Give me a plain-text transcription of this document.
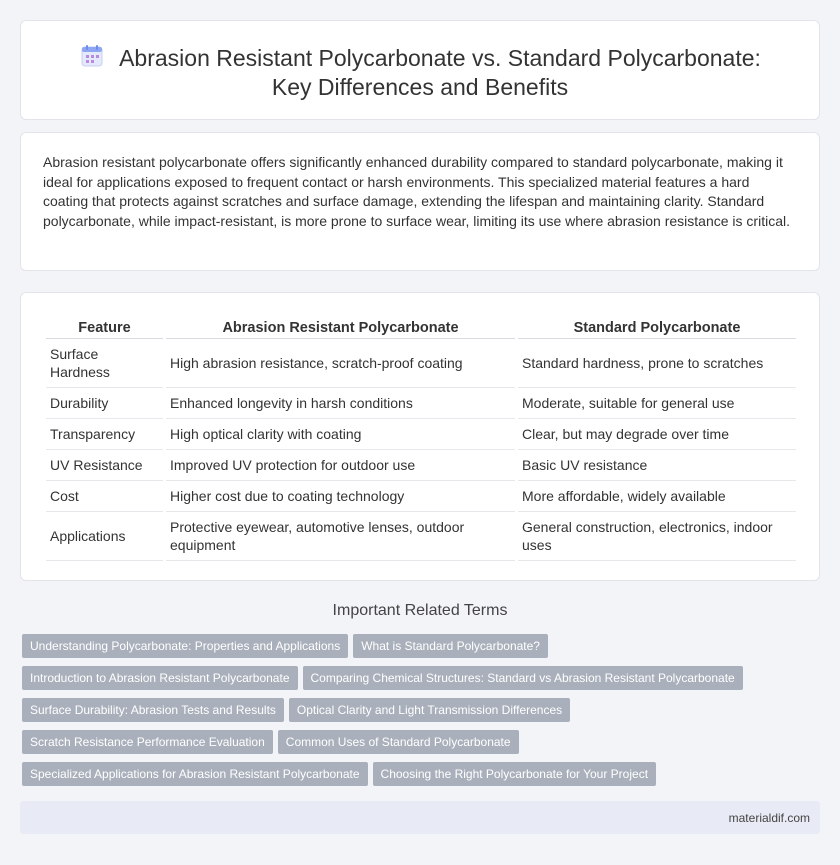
Abrasion Resistant Polycarbonate vs. Standard Polycarbonate:
Key Differences and Benefits

Abrasion resistant polycarbonate offers significantly enhanced durability compared to standard polycarbonate, making it ideal for applications exposed to frequent contact or harsh environments. This specialized material features a hard coating that protects against scratches and surface damage, extending the lifespan and maintaining clarity. Standard polycarbonate, while impact-resistant, is more prone to surface wear, limiting its use where abrasion resistance is critical.

Feature	Abrasion Resistant Polycarbonate	Standard Polycarbonate
Surface Hardness	High abrasion resistance, scratch-proof coating	Standard hardness, prone to scratches
Durability	Enhanced longevity in harsh conditions	Moderate, suitable for general use
Transparency	High optical clarity with coating	Clear, but may degrade over time
UV Resistance	Improved UV protection for outdoor use	Basic UV resistance
Cost	Higher cost due to coating technology	More affordable, widely available
Applications	Protective eyewear, automotive lenses, outdoor equipment	General construction, electronics, indoor uses
Important Related Terms
Understanding Polycarbonate: Properties and Applications What is Standard Polycarbonate?
Introduction to Abrasion Resistant Polycarbonate Comparing Chemical Structures: Standard vs Abrasion Resistant Polycarbonate
Surface Durability: Abrasion Tests and Results Optical Clarity and Light Transmission Differences
Scratch Resistance Performance Evaluation Common Uses of Standard Polycarbonate
Specialized Applications for Abrasion Resistant Polycarbonate Choosing the Right Polycarbonate for Your Project
materialdif.com
